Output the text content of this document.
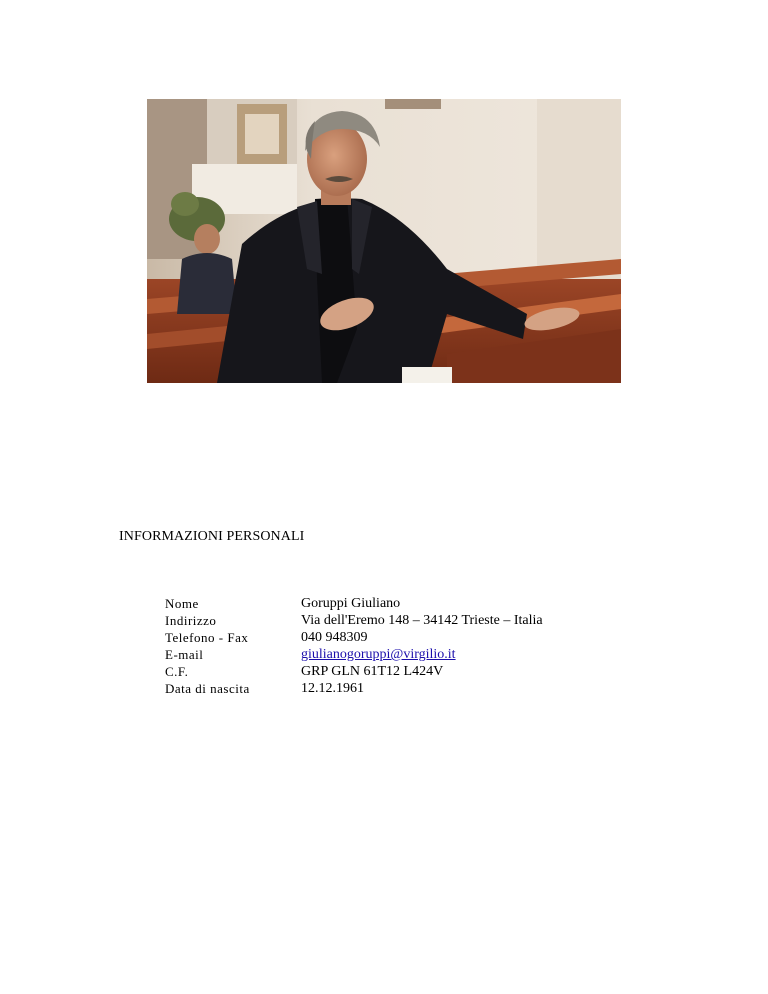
INFORMAZIONI PERSONALI
Nome	Goruppi Giuliano
Indirizzo	Via dell'Eremo 148 – 34142 Trieste – Italia
Telefono - Fax	040 948309
E-mail	giulianogoruppi@virgilio.it
C.F.	GRP GLN 61T12 L424V
Data di nascita	12.12.1961
